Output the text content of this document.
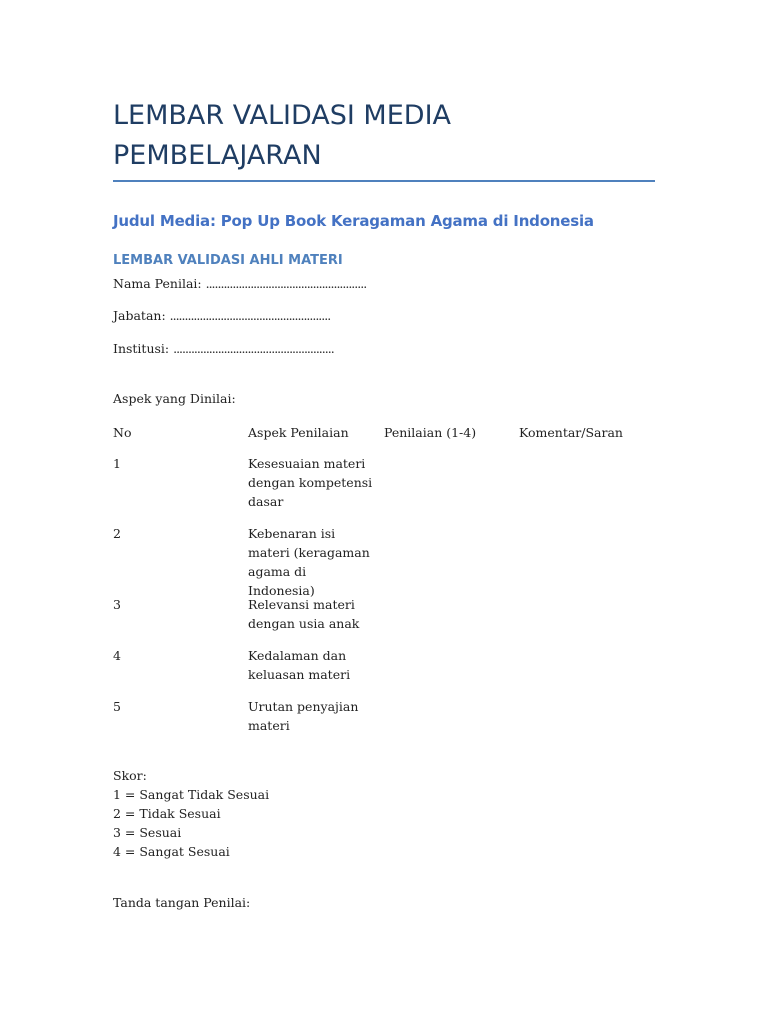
LEMBAR VALIDASI MEDIA PEMBELAJARAN
Judul Media: Pop Up Book Keragaman Agama di Indonesia
LEMBAR VALIDASI AHLI MATERI

Nama Penilai: ......................................................

Jabatan: ......................................................

Institusi: ......................................................

Aspek yang Dinilai:

No	Aspek Penilaian	Penilaian (1-4)	Komentar/Saran
1	Kesesuaian materi dengan kompetensi dasar
2	Kebenaran isi materi (keragaman agama di Indonesia)
3	Relevansi materi dengan usia anak
4	Kedalaman dan keluasan materi
5	Urutan penyajian materi
Skor:
1 = Sangat Tidak Sesuai
2 = Tidak Sesuai
3 = Sesuai
4 = Sangat Sesuai

Tanda tangan Penilai:
